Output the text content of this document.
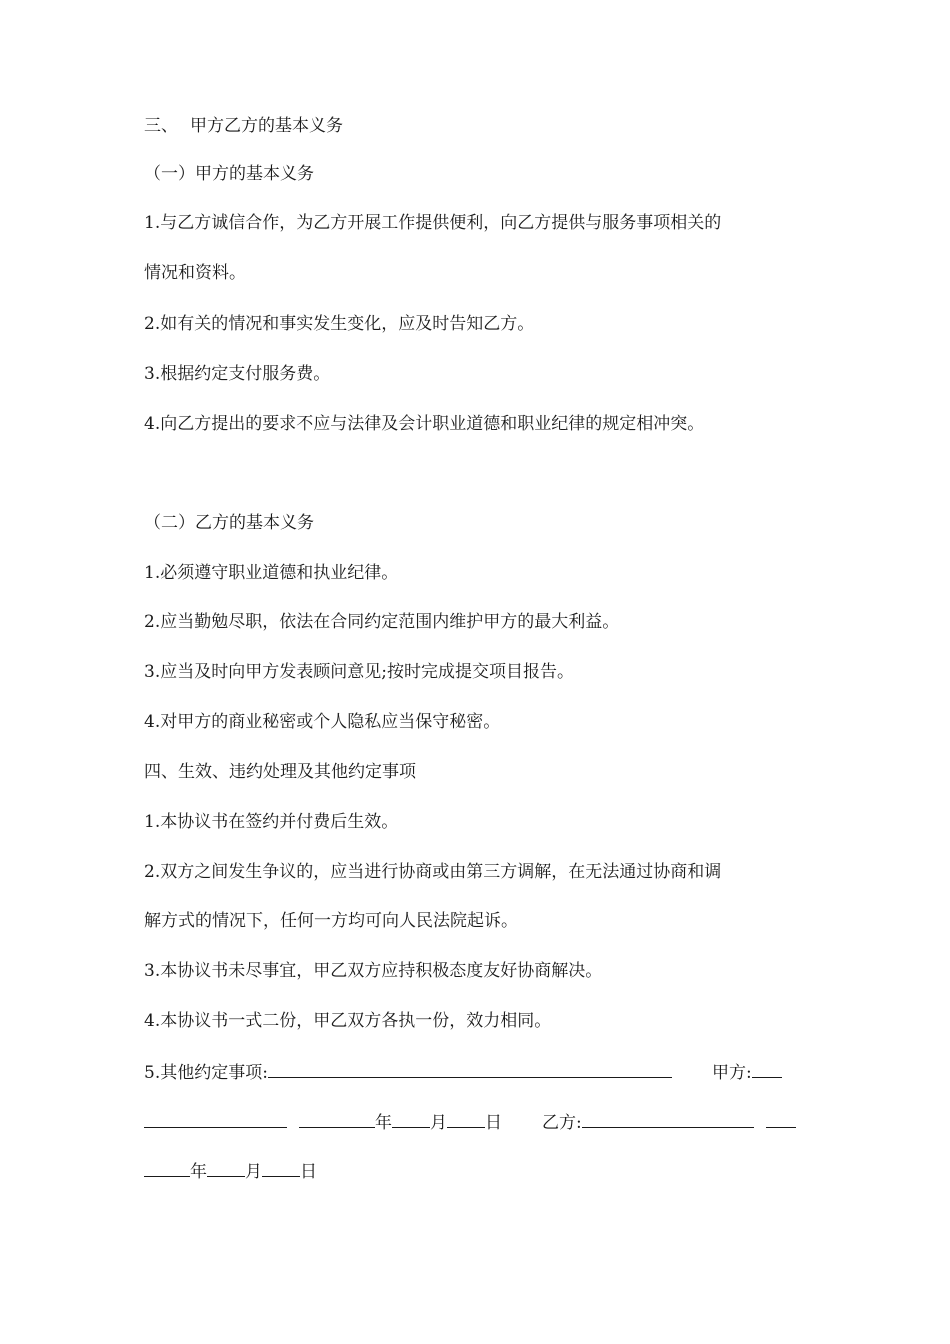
三、 甲方乙方的基本义务
（一）甲方的基本义务
1.与乙方诚信合作，为乙方开展工作提供便利，向乙方提供与服务事项相关的
情况和资料。
2.如有关的情况和事实发生变化，应及时告知乙方。
3.根据约定支付服务费。
4.向乙方提出的要求不应与法律及会计职业道德和职业纪律的规定相冲突。
（二）乙方的基本义务
1.必须遵守职业道德和执业纪律。
2.应当勤勉尽职，依法在合同约定范围内维护甲方的最大利益。
3.应当及时向甲方发表顾问意见;按时完成提交项目报告。
4.对甲方的商业秘密或个人隐私应当保守秘密。
四、生效、违约处理及其他约定事项
1.本协议书在签约并付费后生效。
2.双方之间发生争议的，应当进行协商或由第三方调解，在无法通过协商和调
解方式的情况下，任何一方均可向人民法院起诉。
3.本协议书未尽事宜，甲乙双方应持积极态度友好协商解决。
4.本协议书一式二份，甲乙双方各执一份，效力相同。
5.其他约定事项:	甲方:
年 月 日 乙方:
年 月 日
